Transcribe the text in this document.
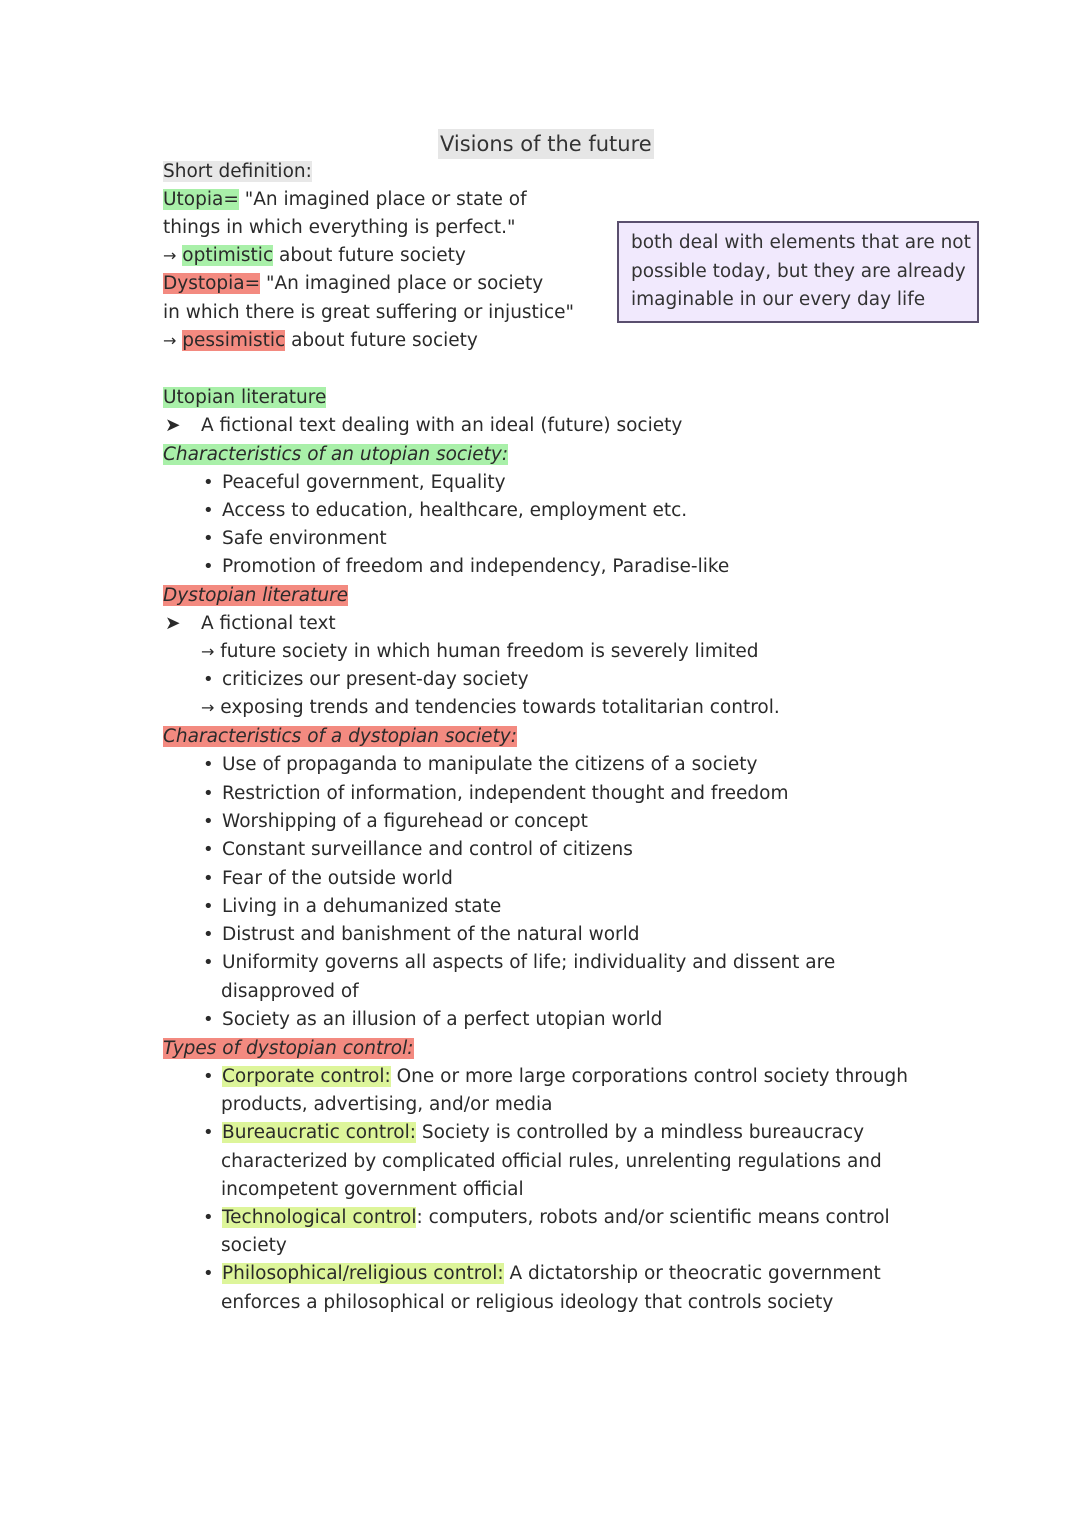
Visions of the future
Short definition:
Utopia= "An imagined place or state of
things in which everything is perfect."
→ optimistic about future society
Dystopia= "An imagined place or society
in which there is great suffering or injustice"
→ pessimistic about future society
both deal with elements that are not
possible today, but they are already
imaginable in our every day life
Utopian literature
➤ A fictional text dealing with an ideal (future) society
Characteristics of an utopian society:
• Peaceful government, Equality
• Access to education, healthcare, employment etc.
• Safe environment
• Promotion of freedom and independency, Paradise-like
Dystopian literature
➤ A fictional text
→ future society in which human freedom is severely limited
• criticizes our present-day society
→ exposing trends and tendencies towards totalitarian control.
Characteristics of a dystopian society:
• Use of propaganda to manipulate the citizens of a society
• Restriction of information, independent thought and freedom
• Worshipping of a figurehead or concept
• Constant surveillance and control of citizens
• Fear of the outside world
• Living in a dehumanized state
• Distrust and banishment of the natural world
• Uniformity governs all aspects of life; individuality and dissent are
disapproved of
• Society as an illusion of a perfect utopian world
Types of dystopian control:
• Corporate control: One or more large corporations control society through
products, advertising, and/or media
• Bureaucratic control: Society is controlled by a mindless bureaucracy
characterized by complicated official rules, unrelenting regulations and
incompetent government official
• Technological control: computers, robots and/or scientific means control
society
• Philosophical/religious control: A dictatorship or theocratic government
enforces a philosophical or religious ideology that controls society
